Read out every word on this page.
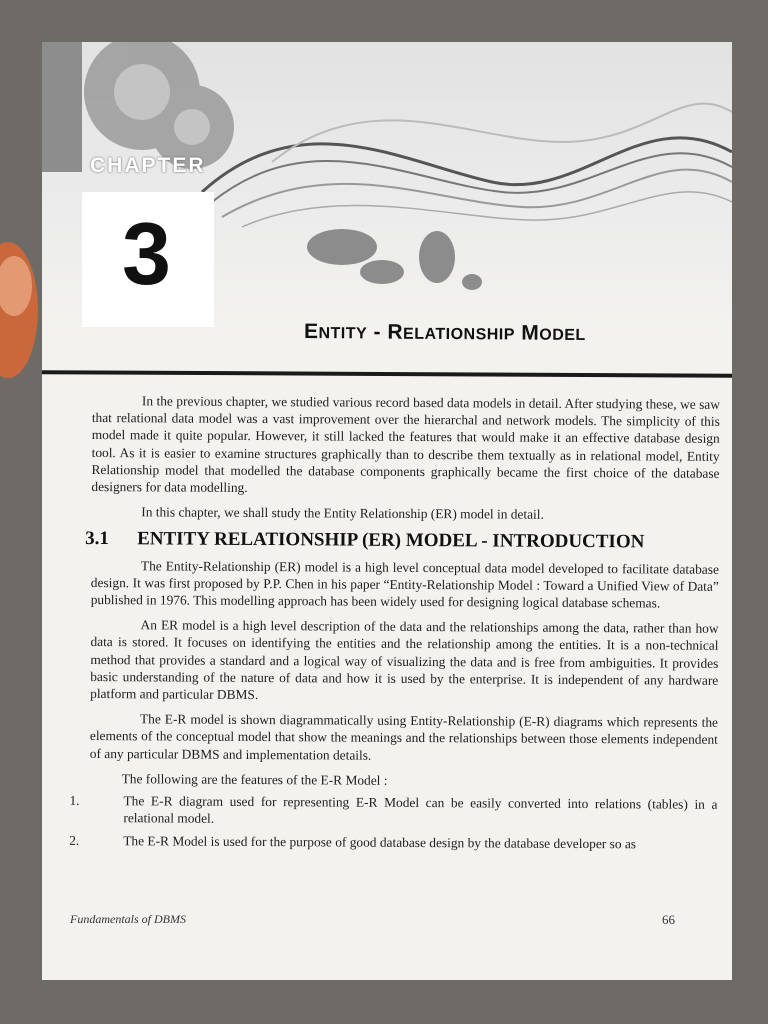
CHAPTER
3
ENTITY - RELATIONSHIP MODEL

In the previous chapter, we studied various record based data models in detail. After studying these, we saw that relational data model was a vast improvement over the hierarchal and network models. The simplicity of this model made it quite popular. However, it still lacked the features that would make it an effective database design tool. As it is easier to examine structures graphically than to describe them textually as in relational model, Entity Relationship model that modelled the database components graphically became the first choice of the database designers for data modelling.

In this chapter, we shall study the Entity Relationship (ER) model in detail.

3.1	ENTITY RELATIONSHIP (ER) MODEL - INTRODUCTION

The Entity-Relationship (ER) model is a high level conceptual data model developed to facilitate database design. It was first proposed by P.P. Chen in his paper “Entity-Relationship Model : Toward a Unified View of Data” published in 1976. This modelling approach has been widely used for designing logical database schemas.

An ER model is a high level description of the data and the relationships among the data, rather than how data is stored. It focuses on identifying the entities and the relationship among the entities. It is a non-technical method that provides a standard and a logical way of visualizing the data and is free from ambiguities. It provides basic understanding of the nature of data and how it is used by the enterprise. It is independent of any hardware platform and particular DBMS.

The E-R model is shown diagrammatically using Entity-Relationship (E-R) diagrams which represents the elements of the conceptual model that show the meanings and the relationships between those elements independent of any particular DBMS and implementation details.

The following are the features of the E-R Model :

1.	The E-R diagram used for representing E-R Model can be easily converted into relations (tables) in a relational model.
2.	The E-R Model is used for the purpose of good database design by the database developer so as
Fundamentals of DBMS	66
